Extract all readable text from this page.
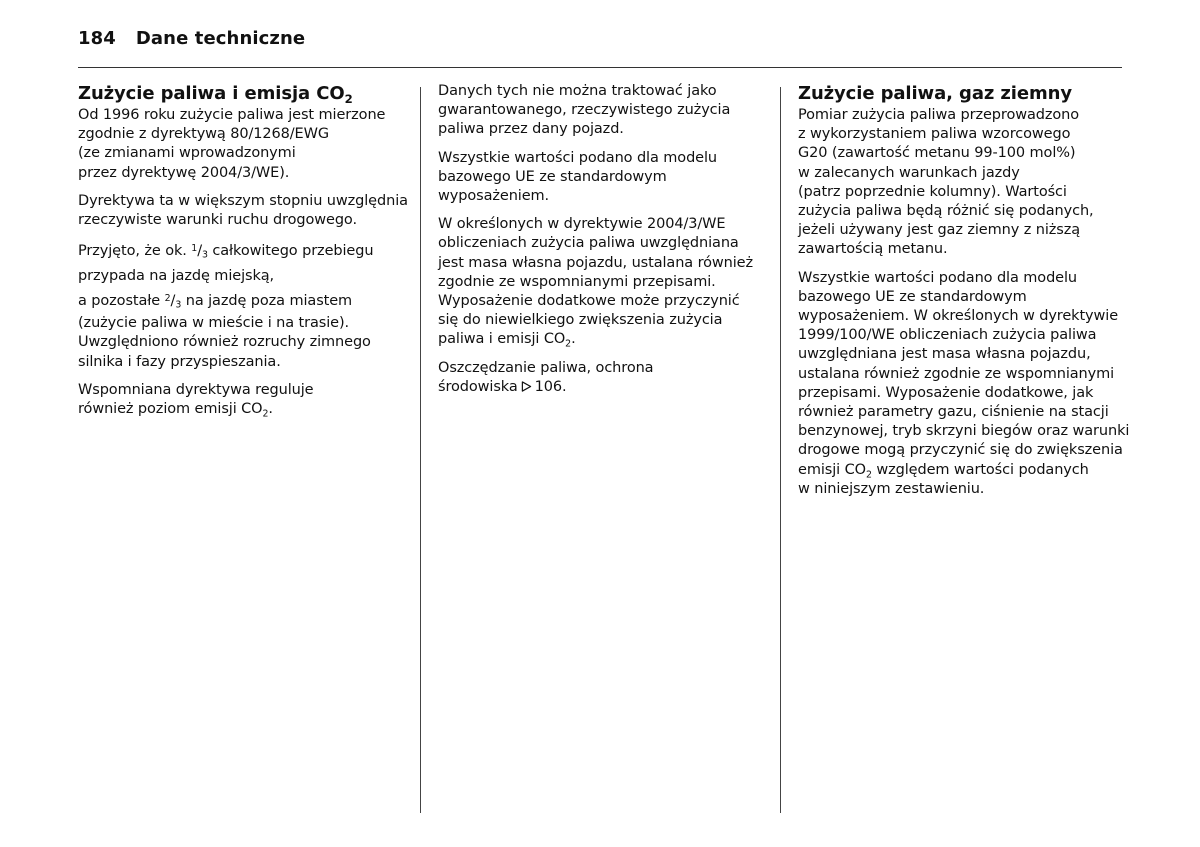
184 Dane techniczne
Zużycie paliwa i emisja $CO_2$

Od 1996 roku zużycie paliwa jest mierzone
zgodnie z dyrektywą 80/1268/EWG
(ze zmianami wprowadzonymi
przez dyrektywę 2004/3/WE).

Dyrektywa ta w większym stopniu uwzględnia
rzeczywiste warunki ruchu drogowego.

Przyjęto, że ok. $^1$/3 całkowitego przebiegu
przypada na jazdę miejską,
a pozostałe $^2$/3 na jazdę poza miastem
(zużycie paliwa w mieście i na trasie).
Uwzględniono również rozruchy zimnego
silnika i fazy przyspieszania.

Wspomniana dyrektywa reguluje
również poziom emisji $CO_2$.

Danych tych nie można traktować jako
gwarantowanego, rzeczywistego zużycia
paliwa przez dany pojazd.

Wszystkie wartości podano dla modelu
bazowego UE ze standardowym
wyposażeniem.

W określonych w dyrektywie 2004/3/WE
obliczeniach zużycia paliwa uwzględniana
jest masa własna pojazdu, ustalana również
zgodnie ze wspomnianymi przepisami.
Wyposażenie dodatkowe może przyczynić
się do niewielkiego zwiększenia zużycia
paliwa i emisji $CO_2$.

Oszczędzanie paliwa, ochrona
środowiska 106.

Zużycie paliwa, gaz ziemny

Pomiar zużycia paliwa przeprowadzono
z wykorzystaniem paliwa wzorcowego
G20 (zawartość metanu 99-100 mol%)
w zalecanych warunkach jazdy
(patrz poprzednie kolumny). Wartości
zużycia paliwa będą różnić się podanych,
jeżeli używany jest gaz ziemny z niższą
zawartością metanu.

Wszystkie wartości podano dla modelu
bazowego UE ze standardowym
wyposażeniem. W określonych w dyrektywie
1999/100/WE obliczeniach zużycia paliwa
uwzględniana jest masa własna pojazdu,
ustalana również zgodnie ze wspomnianymi
przepisami. Wyposażenie dodatkowe, jak
również parametry gazu, ciśnienie na stacji
benzynowej, tryb skrzyni biegów oraz warunki
drogowe mogą przyczynić się do zwiększenia
emisji $CO_2$ względem wartości podanych
w niniejszym zestawieniu.
